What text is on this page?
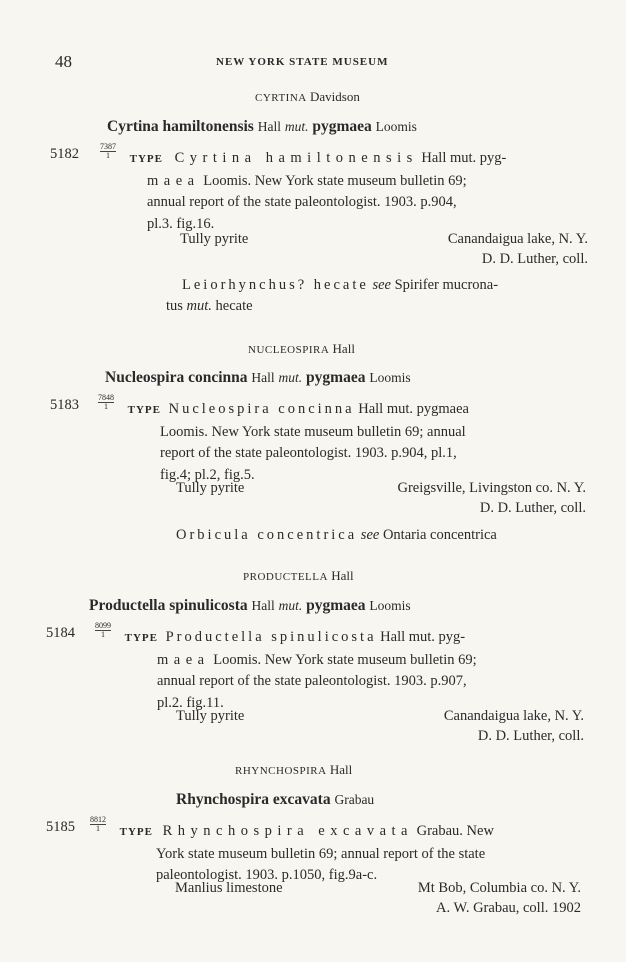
48	NEW YORK STATE MUSEUM
CYRTINA Davidson
Cyrtina hamiltonensis Hall mut. pygmaea Loomis
5182	$\frac{7387}{1}$ TYPE Cyrtina hamiltonensis Hall mut. pyg-
maea Loomis. New York state museum bulletin 69;
annual report of the state paleontologist. 1903. p.904,
pl.3. fig.16.
Tully pyrite	Canandaigua lake, N. Y.
D. D. Luther, coll.
Leiorhynchus? hecate see Spirifer mucrona-
tus mut. hecate
NUCLEOSPIRA Hall
Nucleospira concinna Hall mut. pygmaea Loomis
$5183 \frac{7848}{1}$ TYPE Nucleospira concinna Hall mut. pygmaea
Loomis. New York state museum bulletin 69; annual
report of the state paleontologist. 1903. p.904, pl.1,
fig.4; pl.2, fig.5.
Tully pyrite	Greigsville, Livingston co. N. Y.
D. D. Luther, coll.
Orbicula concentrica see Ontaria concentrica
PRODUCTELLA Hall
Productella spinulicosta Hall mut. pygmaea Loomis
5184	$\frac{8099}{1}$ TYPE Productella spinulicosta Hall mut. pyg-
maea Loomis. New York state museum bulletin 69;
annual report of the state paleontologist. 1903. p.907,
pl.2. fig.11.
Tully pyrite	Canandaigua lake, N. Y.
D. D. Luther, coll.
RHYNCHOSPIRA Hall
Rhynchospira excavata Grabau
$5185 \frac{8812}{1}$ TYPE Rhynchospira excavata Grabau. New
York state museum bulletin 69; annual report of the state
paleontologist. 1903. p.1050, fig.9a-c.
Manlius limestone	Mt Bob, Columbia co. N. Y.
A. W. Grabau, coll. 1902
